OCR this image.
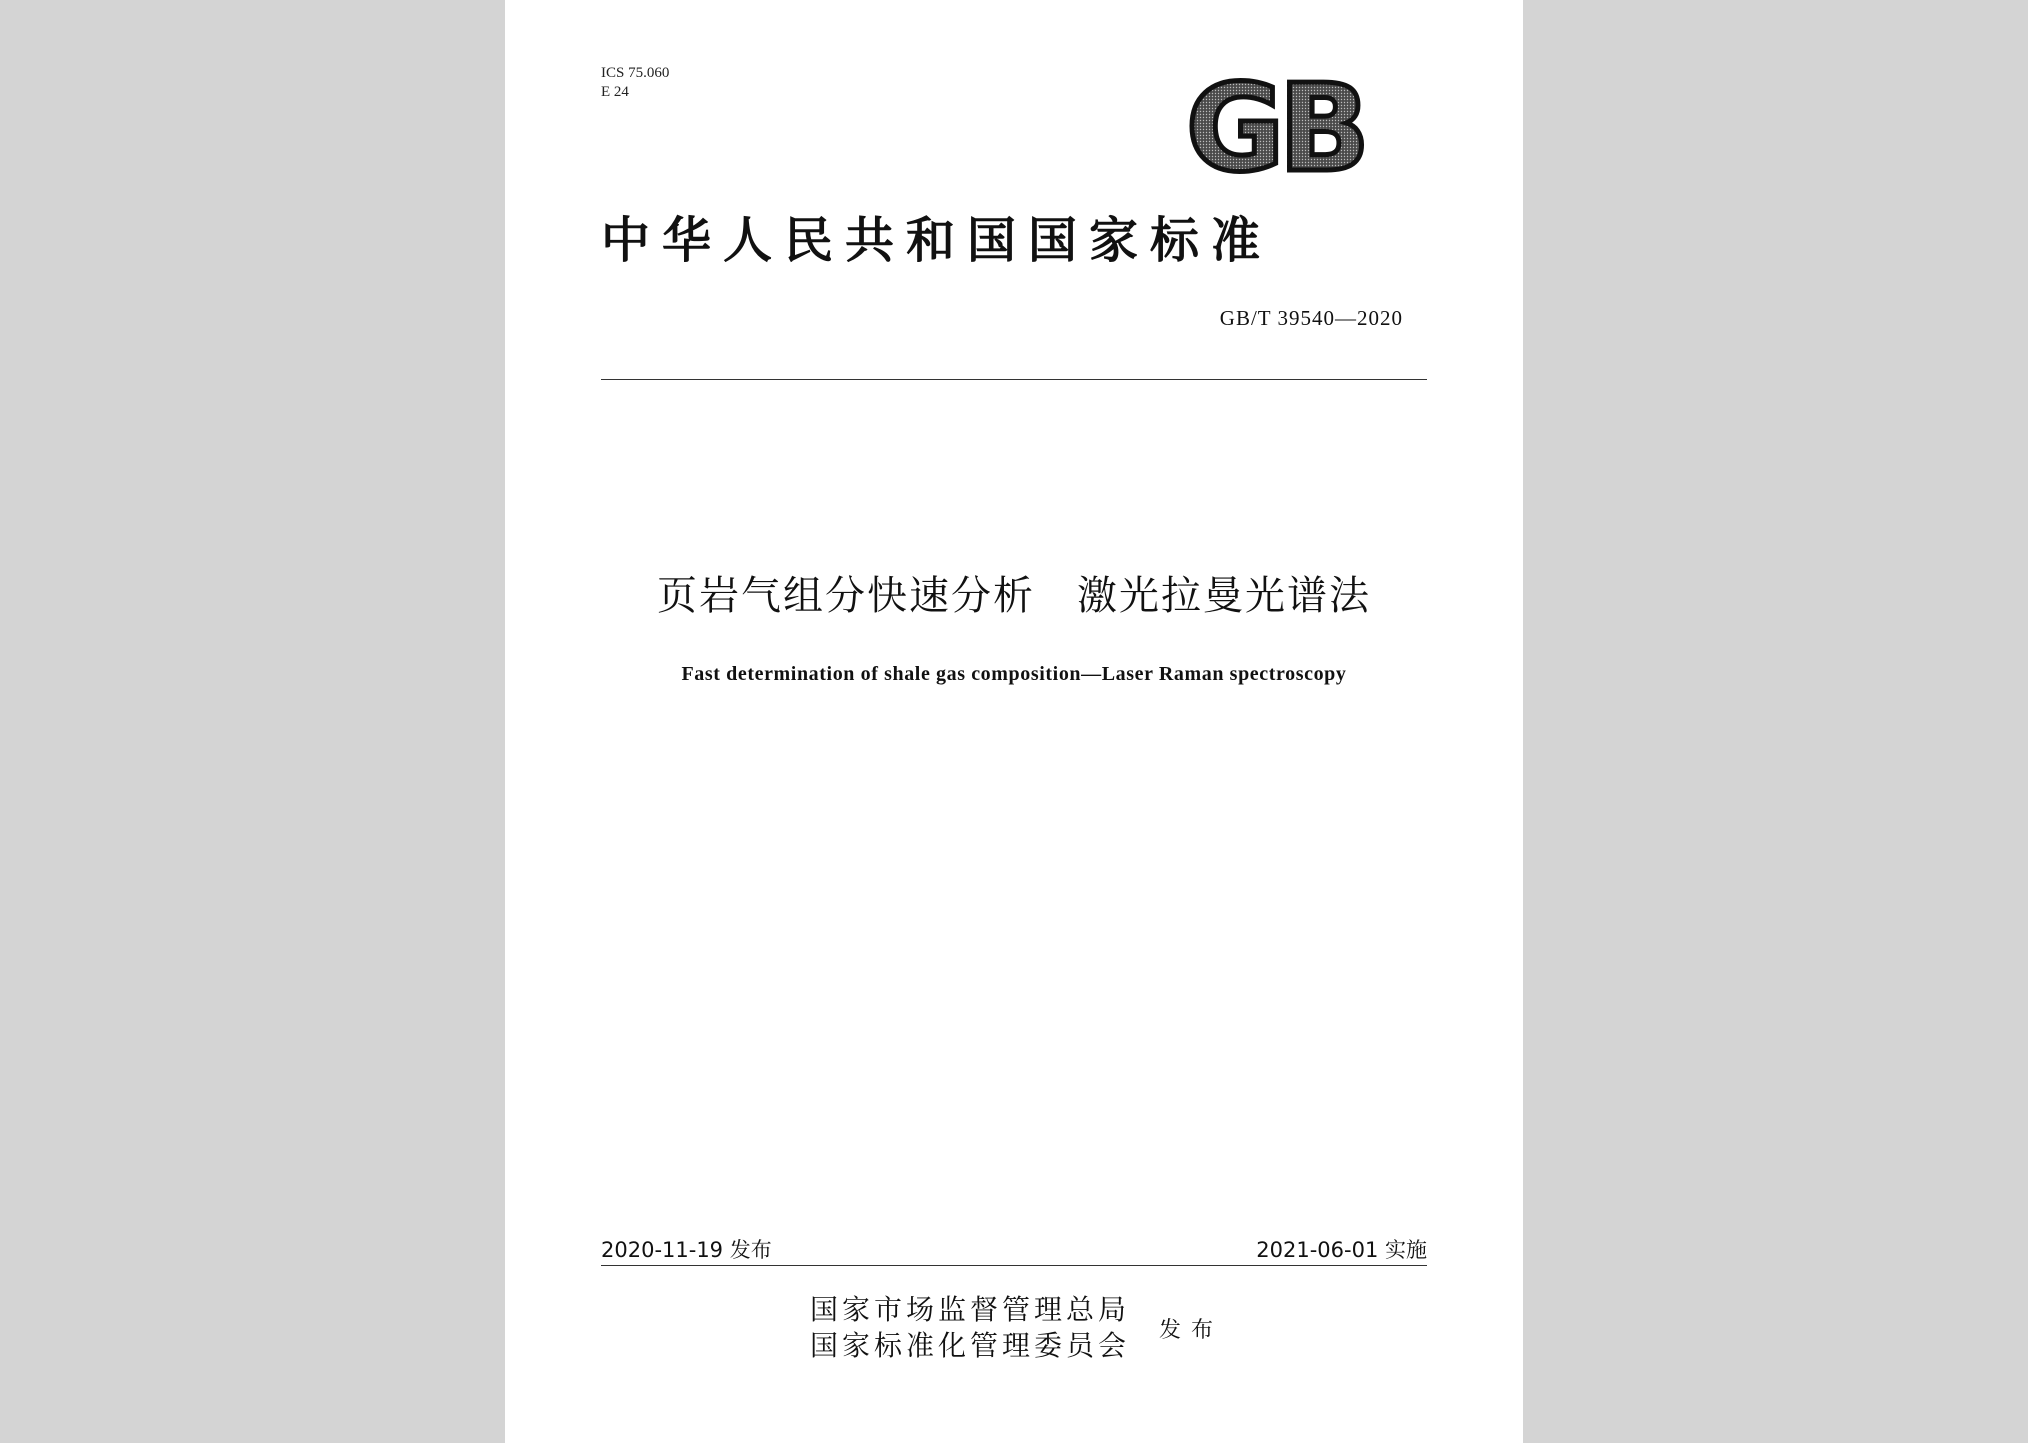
ICS 75.060
E 24	GB
中华人民共和国国家标准
GB/T 39540—2020
页岩气组分快速分析　激光拉曼光谱法
Fast determination of shale gas composition—Laser Raman spectroscopy
2020-11-19 发布	2021-06-01 实施
国家市场监督管理总局
国家标准化管理委员会 发布
